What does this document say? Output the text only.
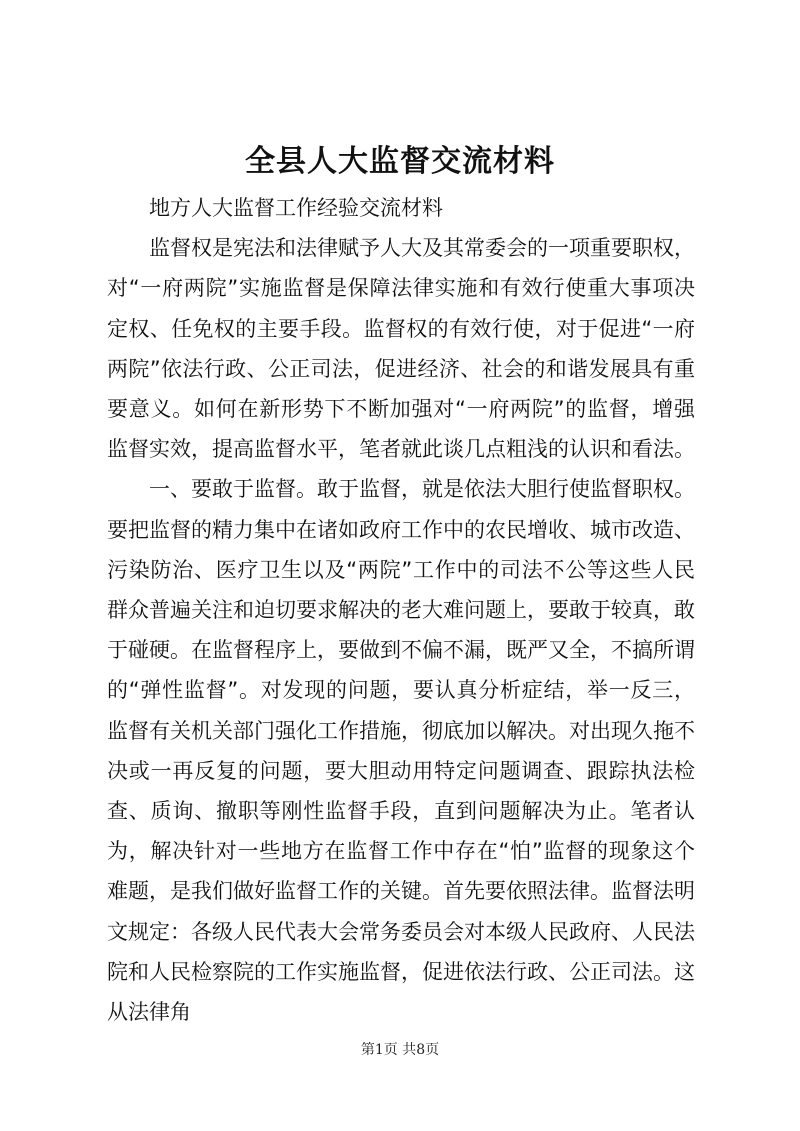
全县人大监督交流材料

地方人大监督工作经验交流材料

监督权是宪法和法律赋予人大及其常委会的一项重要职权，对“一府两院”实施监督是保障法律实施和有效行使重大事项决定权、任免权的主要手段。监督权的有效行使，对于促进“一府两院”依法行政、公正司法，促进经济、社会的和谐发展具有重要意义。如何在新形势下不断加强对“一府两院”的监督，增强监督实效，提高监督水平，笔者就此谈几点粗浅的认识和看法。

一、要敢于监督。敢于监督，就是依法大胆行使监督职权。要把监督的精力集中在诸如政府工作中的农民增收、城市改造、污染防治、医疗卫生以及“两院”工作中的司法不公等这些人民群众普遍关注和迫切要求解决的老大难问题上，要敢于较真，敢于碰硬。在监督程序上，要做到不偏不漏，既严又全，不搞所谓的“弹性监督”。对发现的问题，要认真分析症结，举一反三，监督有关机关部门强化工作措施，彻底加以解决。对出现久拖不决或一再反复的问题，要大胆动用特定问题调查、跟踪执法检查、质询、撤职等刚性监督手段，直到问题解决为止。笔者认为，解决针对一些地方在监督工作中存在“怕”监督的现象这个难题，是我们做好监督工作的关键。首先要依照法律。监督法明文规定：各级人民代表大会常务委员会对本级人民政府、人民法院和人民检察院的工作实施监督，促进依法行政、公正司法。这从法律角

第1页 共8页
